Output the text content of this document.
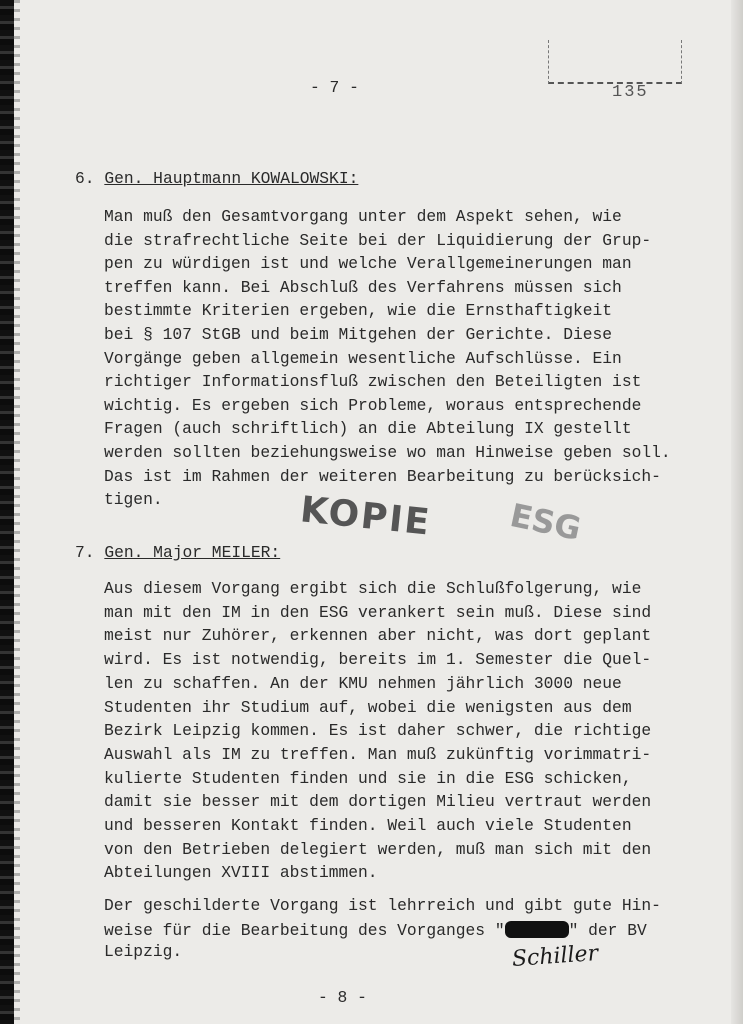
- 7 -	135
6. Gen. Hauptmann KOWALOWSKI:
Man muß den Gesamtvorgang unter dem Aspekt sehen, wie
die strafrechtliche Seite bei der Liquidierung der Grup-
pen zu würdigen ist und welche Verallgemeinerungen man
treffen kann. Bei Abschluß des Verfahrens müssen sich
bestimmte Kriterien ergeben, wie die Ernsthaftigkeit
bei § 107 StGB und beim Mitgehen der Gerichte. Diese
Vorgänge geben allgemein wesentliche Aufschlüsse. Ein
richtiger Informationsfluß zwischen den Beteiligten ist
wichtig. Es ergeben sich Probleme, woraus entsprechende
Fragen (auch schriftlich) an die Abteilung IX gestellt
werden sollten beziehungsweise wo man Hinweise geben soll.
Das ist im Rahmen der weiteren Bearbeitung zu berücksich-
tigen.	KOPIE ESG
7. Gen. Major MEILER:
Aus diesem Vorgang ergibt sich die Schlußfolgerung, wie
man mit den IM in den ESG verankert sein muß. Diese sind
meist nur Zuhörer, erkennen aber nicht, was dort geplant
wird. Es ist notwendig, bereits im 1. Semester die Quel-
len zu schaffen. An der KMU nehmen jährlich 3000 neue
Studenten ihr Studium auf, wobei die wenigsten aus dem
Bezirk Leipzig kommen. Es ist daher schwer, die richtige
Auswahl als IM zu treffen. Man muß zukünftig vorimmatri-
kulierte Studenten finden und sie in die ESG schicken,
damit sie besser mit dem dortigen Milieu vertraut werden
und besseren Kontakt finden. Weil auch viele Studenten
von den Betrieben delegiert werden, muß man sich mit den
Abteilungen XVIII abstimmen.
Der geschilderte Vorgang ist lehrreich und gibt gute Hin-
weise für die Bearbeitung des Vorganges "	" der BV
Leipzig.	Schiller
- 8 -
